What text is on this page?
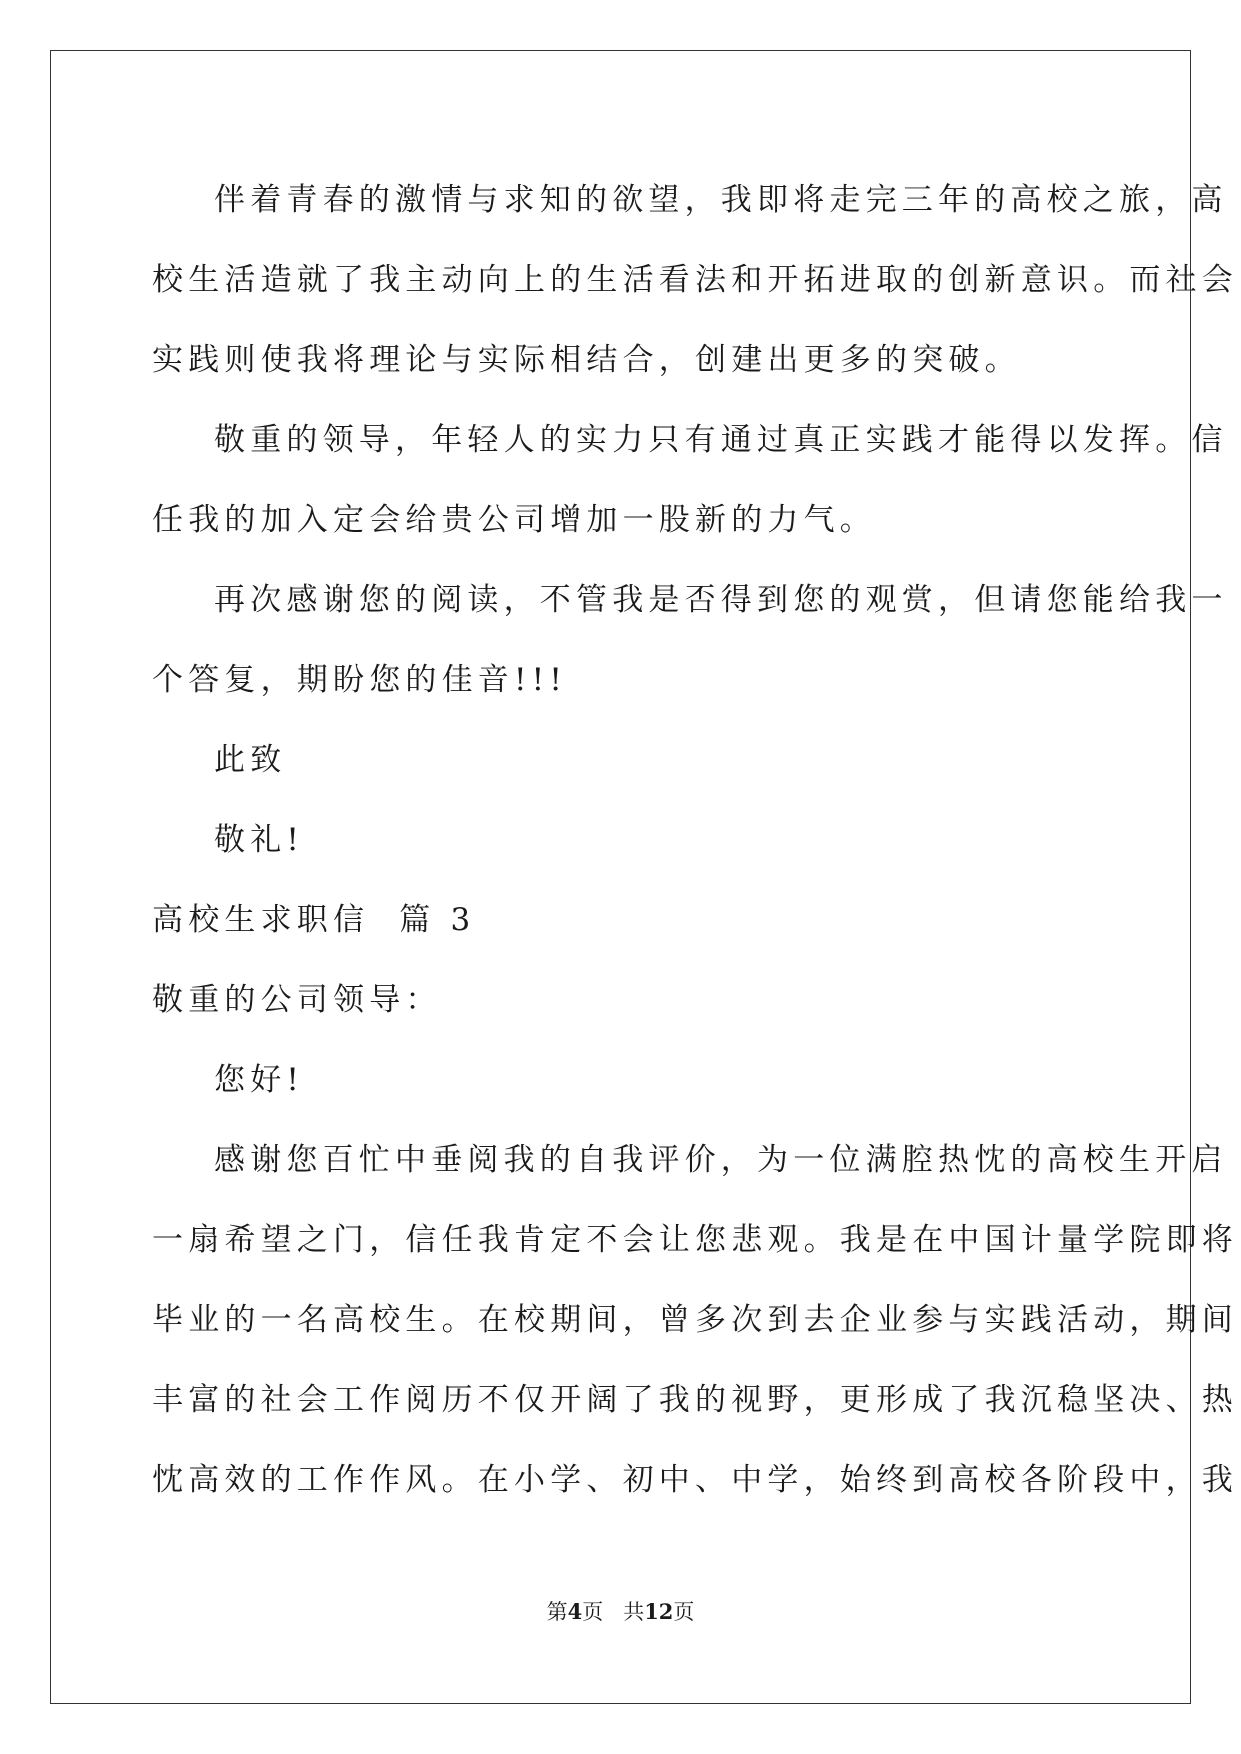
伴着青春的激情与求知的欲望，我即将走完三年的高校之旅，高
校生活造就了我主动向上的生活看法和开拓进取的创新意识。而社会
实践则使我将理论与实际相结合，创建出更多的突破。
敬重的领导，年轻人的实力只有通过真正实践才能得以发挥。信
任我的加入定会给贵公司增加一股新的力气。
再次感谢您的阅读，不管我是否得到您的观赏，但请您能给我一
个答复，期盼您的佳音!!!
此致
敬礼!
高校生求职信  篇 3
敬重的公司领导：
您好!
感谢您百忙中垂阅我的自我评价，为一位满腔热忱的高校生开启
一扇希望之门，信任我肯定不会让您悲观。我是在中国计量学院即将
毕业的一名高校生。在校期间，曾多次到去企业参与实践活动，期间
丰富的社会工作阅历不仅开阔了我的视野，更形成了我沉稳坚决、热
忱高效的工作作风。在小学、初中、中学，始终到高校各阶段中，我
第4页 共12页
